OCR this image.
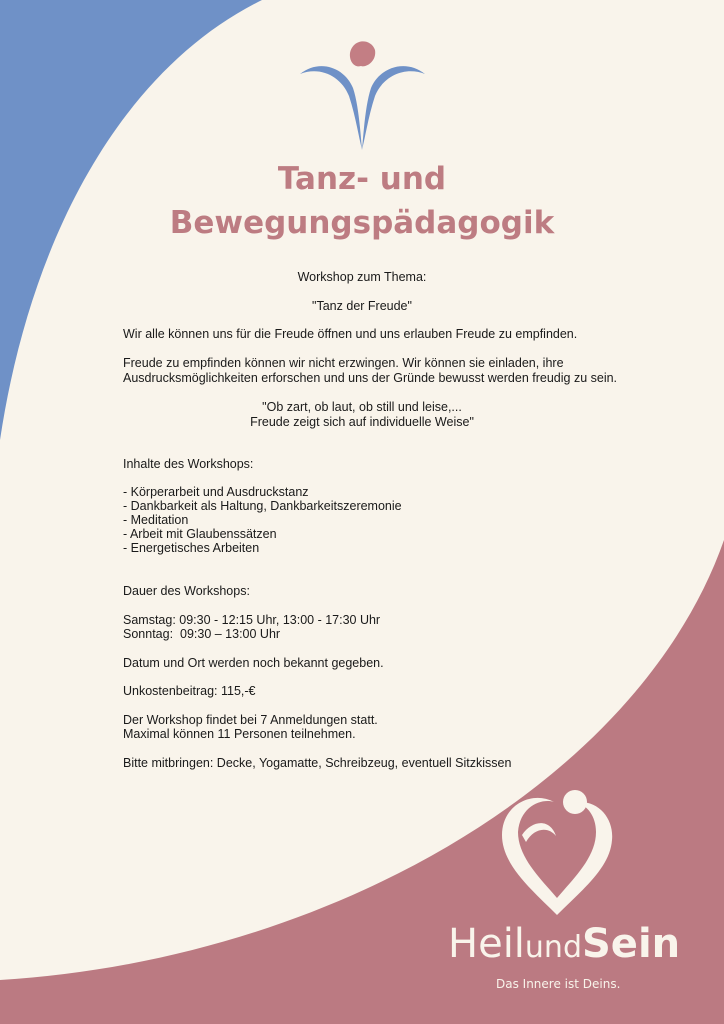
Tanz- und
Bewegungspädagogik

Workshop zum Thema:

"Tanz der Freude"

Wir alle können uns für die Freude öffnen und uns erlauben Freude zu empfinden.

Freude zu empfinden können wir nicht erzwingen. Wir können sie einladen, ihre

Ausdrucksmöglichkeiten erforschen und uns der Gründe bewusst werden freudig zu sein.

"Ob zart, ob laut, ob still und leise,...

Freude zeigt sich auf individuelle Weise"

Inhalte des Workshops:

- Körperarbeit und Ausdruckstanz

- Dankbarkeit als Haltung, Dankbarkeitszeremonie

- Meditation

- Arbeit mit Glaubenssätzen

- Energetisches Arbeiten

Dauer des Workshops:

Samstag: 09:30 - 12:15 Uhr, 13:00 - 17:30 Uhr

Sonntag:  09:30 – 13:00 Uhr

Datum und Ort werden noch bekannt gegeben.

Unkostenbeitrag: 115,-€

Der Workshop findet bei 7 Anmeldungen statt.

Maximal können 11 Personen teilnehmen.

Bitte mitbringen: Decke, Yogamatte, Schreibzeug, eventuell Sitzkissen

HeilundSein
Das Innere ist Deins.
